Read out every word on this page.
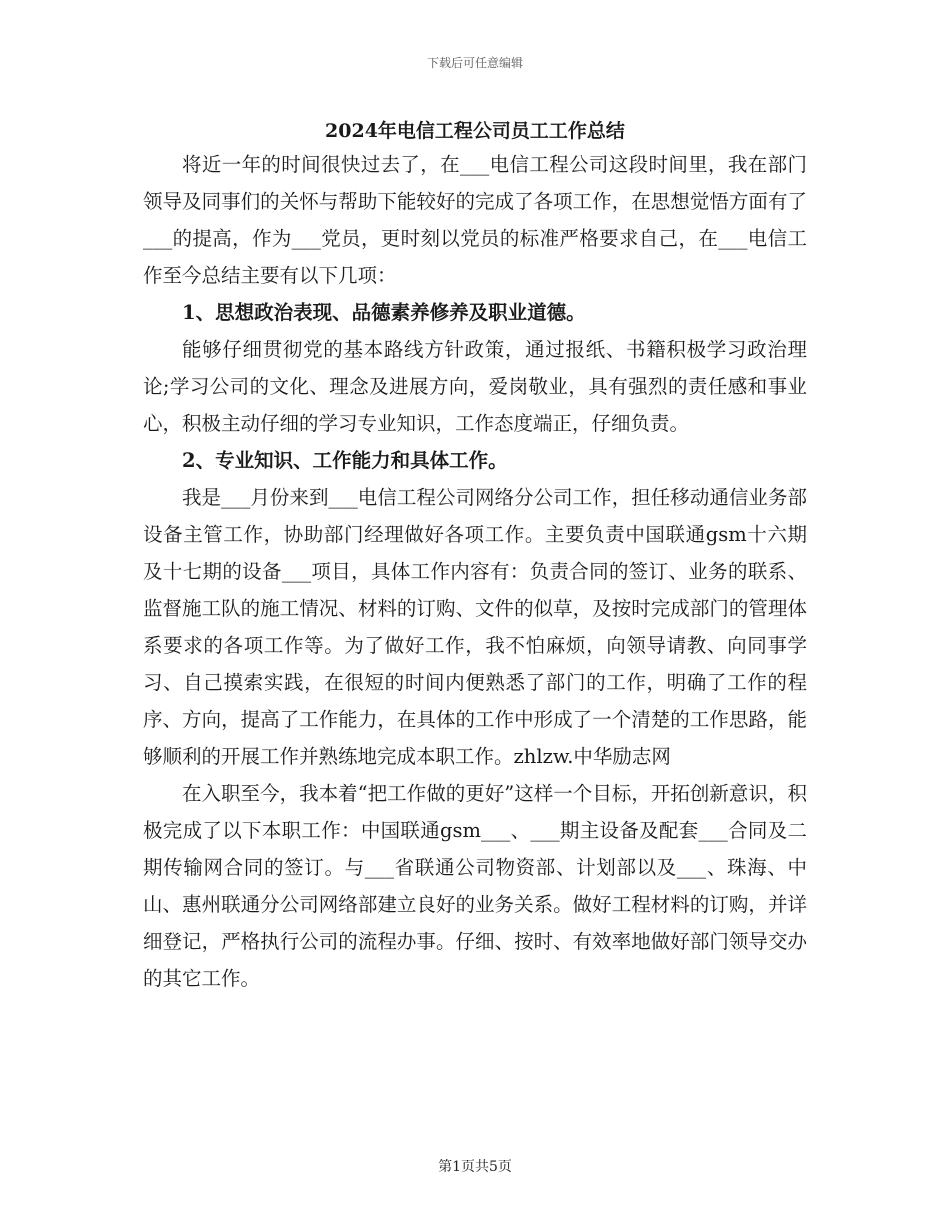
下载后可任意编辑
2024年电信工程公司员工工作总结

将近一年的时间很快过去了，在___电信工程公司这段时间里，我在部门领导及同事们的关怀与帮助下能较好的完成了各项工作，在思想觉悟方面有了___的提高，作为___党员，更时刻以党员的标准严格要求自己，在___电信工作至今总结主要有以下几项：

1、思想政治表现、品德素养修养及职业道德。

能够仔细贯彻党的基本路线方针政策，通过报纸、书籍积极学习政治理论;学习公司的文化、理念及进展方向，爱岗敬业，具有强烈的责任感和事业心，积极主动仔细的学习专业知识，工作态度端正，仔细负责。

2、专业知识、工作能力和具体工作。

我是___月份来到___电信工程公司网络分公司工作，担任移动通信业务部设备主管工作，协助部门经理做好各项工作。主要负责中国联通gsm十六期及十七期的设备___项目，具体工作内容有：负责合同的签订、业务的联系、监督施工队的施工情况、材料的订购、文件的似草，及按时完成部门的管理体系要求的各项工作等。为了做好工作，我不怕麻烦，向领导请教、向同事学习、自己摸索实践，在很短的时间内便熟悉了部门的工作，明确了工作的程序、方向，提高了工作能力，在具体的工作中形成了一个清楚的工作思路，能够顺利的开展工作并熟练地完成本职工作。zhlzw.中华励志网

在入职至今，我本着“把工作做的更好”这样一个目标，开拓创新意识，积极完成了以下本职工作：中国联通gsm___、___期主设备及配套___合同及二期传输网合同的签订。与___省联通公司物资部、计划部以及___、珠海、中山、惠州联通分公司网络部建立良好的业务关系。做好工程材料的订购，并详细登记，严格执行公司的流程办事。仔细、按时、有效率地做好部门领导交办的其它工作。

第1页共5页
